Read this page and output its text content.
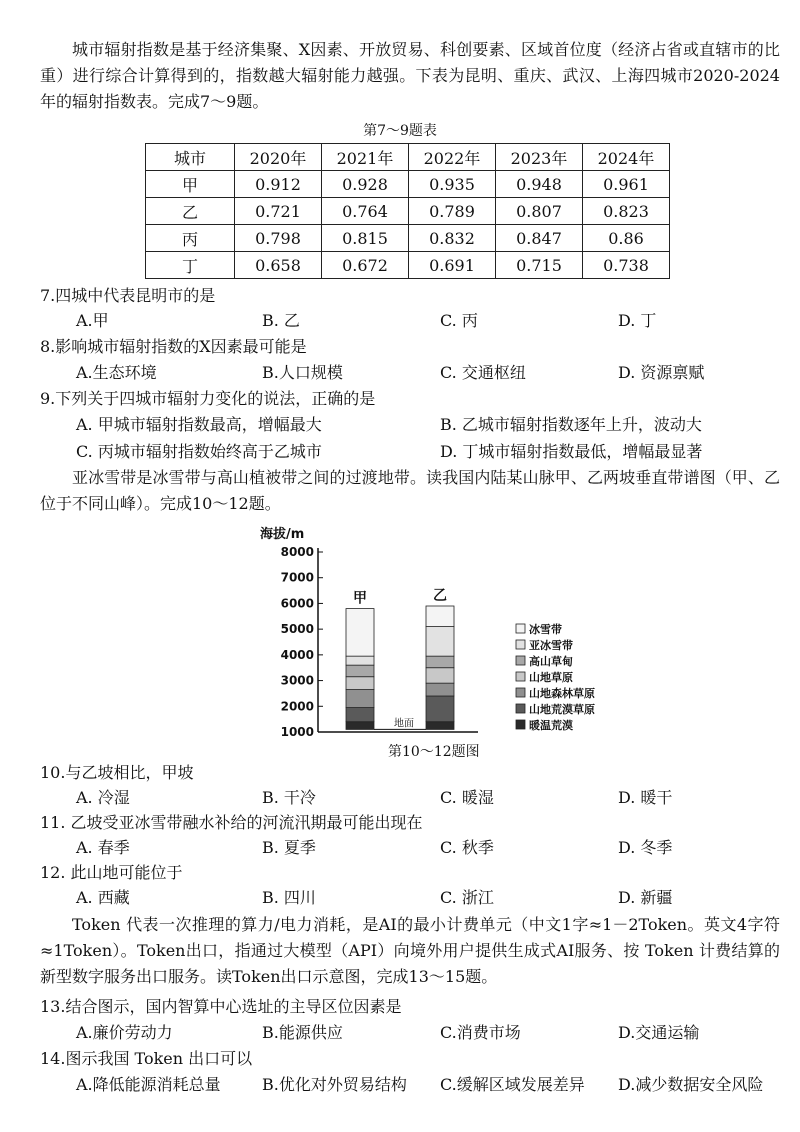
城市辐射指数是基于经济集聚、X因素、开放贸易、科创要素、区域首位度（经济占省或直辖市的比重）进行综合计算得到的，指数越大辐射能力越强。下表为昆明、重庆、武汉、上海四城市2020-2024年的辐射指数表。完成7～9题。
第7～9题表
城市	2020年	2021年	2022年	2023年	2024年
甲	0.912	0.928	0.935	0.948	0.961
乙	0.721	0.764	0.789	0.807	0.823
丙	0.798	0.815	0.832	0.847	0.86
丁	0.658	0.672	0.691	0.715	0.738
7.四城中代表昆明市的是
A.甲	B. 乙	C. 丙	D. 丁
8.影响城市辐射指数的X因素最可能是
A.生态环境	B.人口规模	C. 交通枢纽	D. 资源禀赋
9.下列关于四城市辐射力变化的说法，正确的是
A. 甲城市辐射指数最高，增幅最大	B. 乙城市辐射指数逐年上升，波动大
C. 丙城市辐射指数始终高于乙城市	D. 丁城市辐射指数最低，增幅最显著
亚冰雪带是冰雪带与高山植被带之间的过渡地带。读我国内陆某山脉甲、乙两坡垂直带谱图（甲、乙位于不同山峰）。完成10～12题。
海拔/m
1000
2000
3000
4000
5000
6000
7000
8000
甲	乙
地面
冰雪带
亚冰雪带
高山草甸
山地草原
山地森林草原
山地荒漠草原
暖温荒漠
第10～12题图
10.与乙坡相比，甲坡
A. 冷湿	B. 干冷	C. 暖湿	D. 暖干
11. 乙坡受亚冰雪带融水补给的河流汛期最可能出现在
A. 春季	B. 夏季	C. 秋季	D. 冬季
12. 此山地可能位于
A. 西藏	B. 四川	C. 浙江	D. 新疆
Token 代表一次推理的算力/电力消耗，是AI的最小计费单元（中文1字≈1－2Token。英文4字符≈1Token）。Token出口，指通过大模型（API）向境外用户提供生成式AI服务、按 Token 计费结算的新型数字服务出口服务。读Token出口示意图，完成13～15题。
13.结合图示，国内智算中心选址的主导区位因素是
A.廉价劳动力	B.能源供应	C.消费市场	D.交通运输
14.图示我国 Token 出口可以
A.降低能源消耗总量	B.优化对外贸易结构 C.缓解区域发展差异 D.减少数据安全风险
